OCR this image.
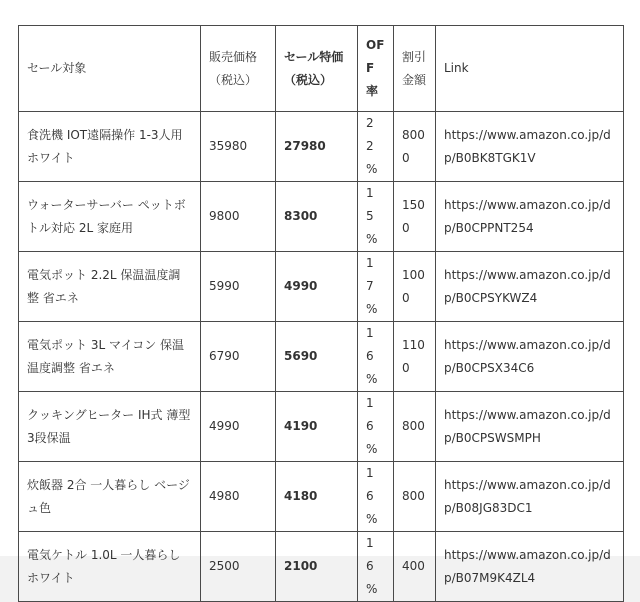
セール対象	販売価格（税込）	セール特価（税込）	OFF率	割引金額	Link
食洗機 IOT遠隔操作 1-3人用 ホワイト	35980	27980	22%	8000	https://www.amazon.co.jp/dp/B0BK8TGK1V
ウォーターサーバー ペットボトル対応 2L 家庭用	9800	8300	15%	1500	https://www.amazon.co.jp/dp/B0CPPNT254
電気ポット 2.2L 保温温度調整 省エネ	5990	4990	17%	1000	https://www.amazon.co.jp/dp/B0CPSYKWZ4
電気ポット 3L マイコン 保温温度調整 省エネ	6790	5690	16%	1100	https://www.amazon.co.jp/dp/B0CPSX34C6
クッキングヒーター IH式 薄型3段保温	4990	4190	16%	800	https://www.amazon.co.jp/dp/B0CPSWSMPH
炊飯器 2合 一人暮らし ベージュ色	4980	4180	16%	800	https://www.amazon.co.jp/dp/B08JG83DC1
電気ケトル 1.0L 一人暮らし ホワイト	2500	2100	16%	400	https://www.amazon.co.jp/dp/B07M9K4ZL4
